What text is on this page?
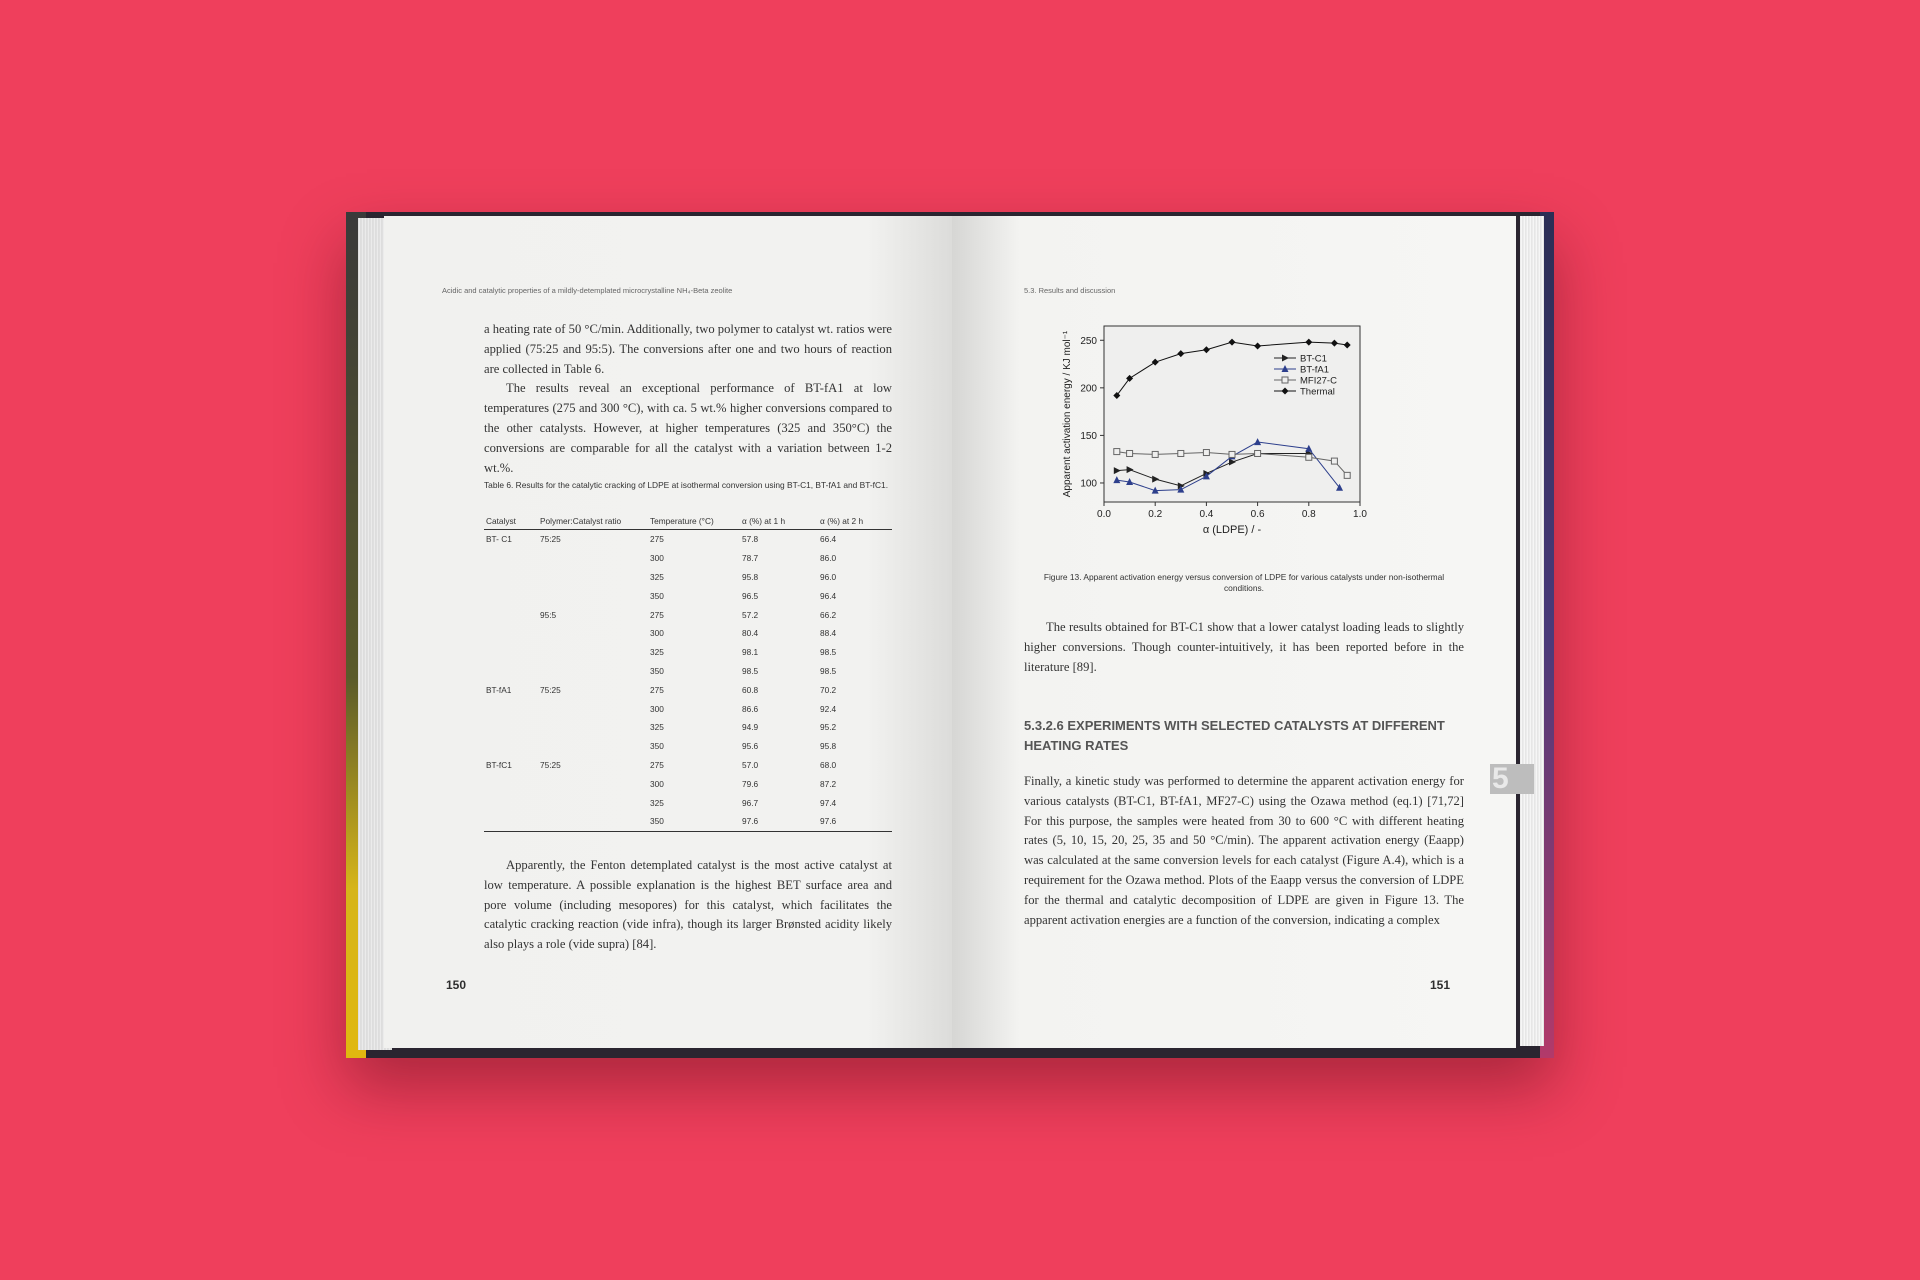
Acidic and catalytic properties of a mildly-detemplated microcrystalline NH₄-Beta zeolite

a heating rate of 50 °C/min. Additionally, two polymer to catalyst wt. ratios were applied (75:25 and 95:5). The conversions after one and two hours of reaction are collected in Table 6.

The results reveal an exceptional performance of BT-fA1 at low temperatures (275 and 300 °C), with ca. 5 wt.% higher conversions compared to the other catalysts. However, at higher temperatures (325 and 350°C) the conversions are comparable for all the catalyst with a variation between 1-2 wt.%.

Table 6. Results for the catalytic cracking of LDPE at isothermal conversion using BT-C1, BT-fA1 and BT-fC1.
Catalyst	Polymer:Catalyst ratio	Temperature (°C)	α (%) at 1 h	α (%) at 2 h
BT- C1	75:25	275	57.8	66.4
		300	78.7	86.0
		325	95.8	96.0
		350	96.5	96.4
	95:5	275	57.2	66.2
		300	80.4	88.4
		325	98.1	98.5
		350	98.5	98.5
BT-fA1	75:25	275	60.8	70.2
		300	86.6	92.4
		325	94.9	95.2
		350	95.6	95.8
BT-fC1	75:25	275	57.0	68.0
		300	79.6	87.2
		325	96.7	97.4
		350	97.6	97.6

Apparently, the Fenton detemplated catalyst is the most active catalyst at low temperature. A possible explanation is the highest BET surface area and pore volume (including mesopores) for this catalyst, which facilitates the catalytic cracking reaction (vide infra), though its larger Brønsted acidity likely also plays a role (vide supra) [84].

150
5.3. Results and discussion
0.0	0.2	0.4	0.6	0.8	1.0
100
150
200
250
α (LDPE) / -
Apparent activation energy / KJ mol⁻¹	BT-C1
BT-fA1
MFI27-C
Thermal
Figure 13. Apparent activation energy versus conversion of LDPE for various catalysts under non-isothermal conditions.

The results obtained for BT-C1 show that a lower catalyst loading leads to slightly higher conversions. Though counter-intuitively, it has been reported before in the literature [89].

5.3.2.6 EXPERIMENTS WITH SELECTED CATALYSTS AT DIFFERENT HEATING RATES

Finally, a kinetic study was performed to determine the apparent activation energy for various catalysts (BT-C1, BT-fA1, MF27-C) using the Ozawa method (eq.1) [71,72] For this purpose, the samples were heated from 30 to 600 °C with different heating rates (5, 10, 15, 20, 25, 35 and 50 °C/min). The apparent activation energy (Eaapp) was calculated at the same conversion levels for each catalyst (Figure A.4), which is a requirement for the Ozawa method. Plots of the Eaapp versus the conversion of LDPE for the thermal and catalytic decomposition of LDPE are given in Figure 13. The apparent activation energies are a function of the conversion, indicating a complex

151
5
